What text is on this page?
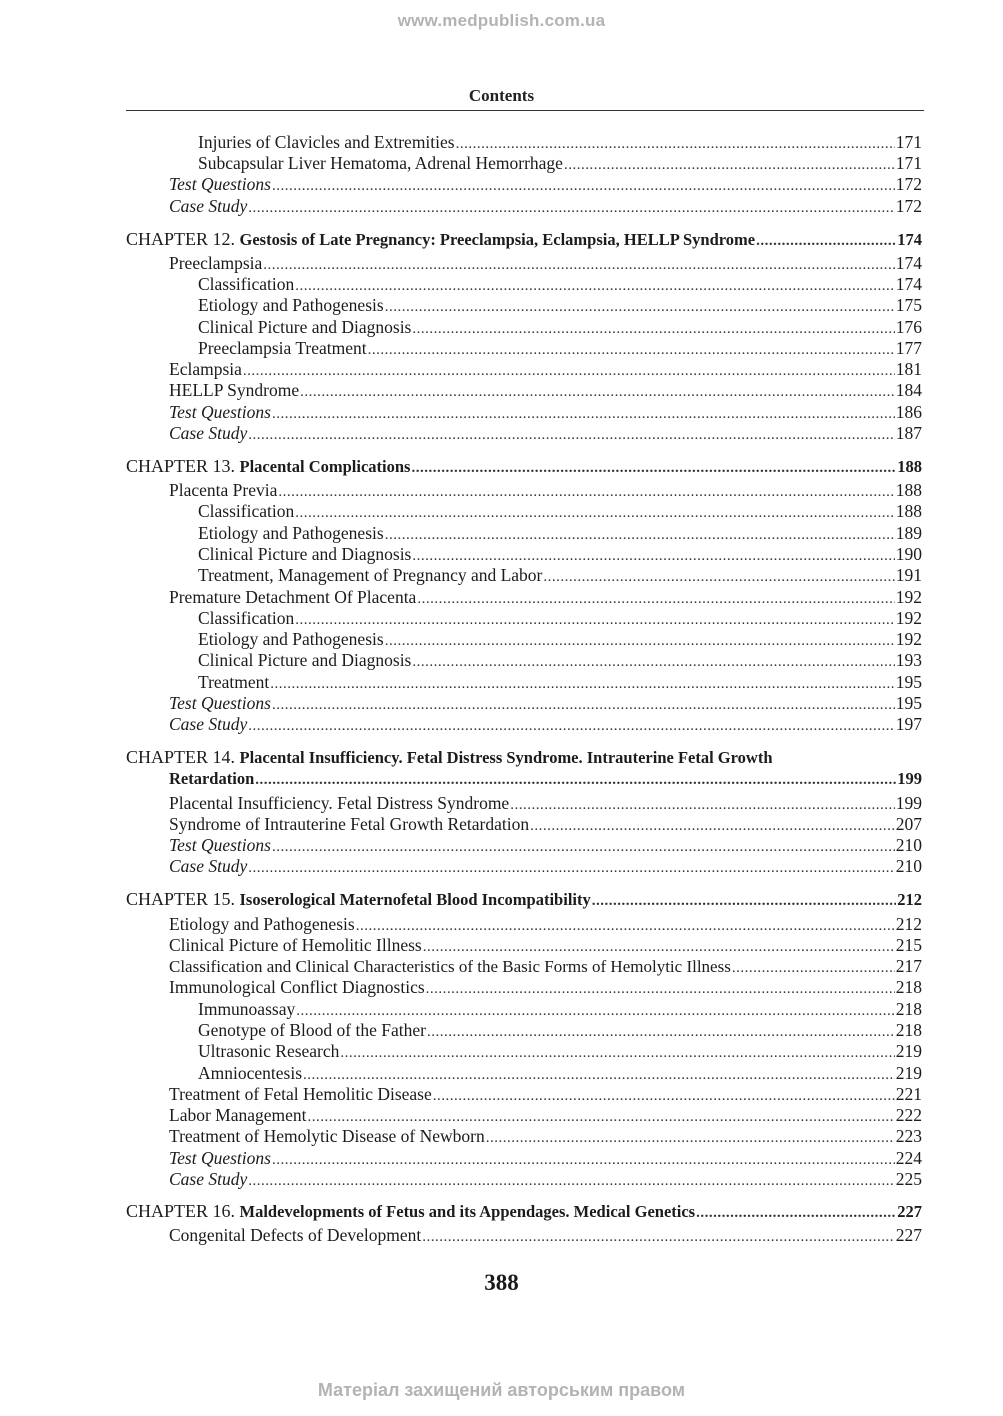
www.medpublish.com.ua
Contents
Injuries of Clavicles and Extremities .....	171
Subcapsular Liver Hematoma, Adrenal Hemorrhage .....	171
Test Questions .....	172
Case Study .....	172
CHAPTER 12.
Gestosis of Late Pregnancy: Preeclampsia, Eclampsia, HELLP Syndrome .....	174
Preeclampsia .....	174
Classification .....	174
Etiology and Pathogenesis .....	175
Clinical Picture and Diagnosis .....	176
Preeclampsia Treatment .....	177
Eclampsia .....	181
HELLP Syndrome .....	184
Test Questions .....	186
Case Study .....	187
CHAPTER 13.
Placental Complications .....	188
Placenta Previa .....	188
Classification .....	188
Etiology and Pathogenesis .....	189
Clinical Picture and Diagnosis .....	190
Treatment, Management of Pregnancy and Labor .....	191
Premature Detachment Of Placenta .....	192
Classification .....	192
Etiology and Pathogenesis .....	192
Clinical Picture and Diagnosis .....	193
Treatment .....	195
Test Questions .....	195
Case Study .....	197
CHAPTER 14. Placental Insufficiency. Fetal Distress Syndrome. Intrauterine Fetal Growth
Retardation .....	199
Placental Insufficiency. Fetal Distress Syndrome .....	199
Syndrome of Intrauterine Fetal Growth Retardation .....	207
Test Questions .....	210
Case Study .....	210
CHAPTER 15.
Isoserological Maternofetal Blood Incompatibility .....	212
Etiology and Pathogenesis .....	212
Clinical Picture of Hemolitic Illness .....	215
Classification and Clinical Characteristics of the Basic Forms of Hemolytic Illness .....	217
Immunological Conflict Diagnostics .....	218
Immunoassay .....	218
Genotype of Blood of the Father .....	218
Ultrasonic Research .....	219
Amniocentesis .....	219
Treatment of Fetal Hemolitic Disease .....	221
Labor Management .....	222
Treatment of Hemolytic Disease of Newborn .....	223
Test Questions .....	224
Case Study .....	225
CHAPTER 16.
Maldevelopments of Fetus and its Appendages. Medical Genetics .....	227
Congenital Defects of Development .....	227
388
Матеріал захищений авторським правом
